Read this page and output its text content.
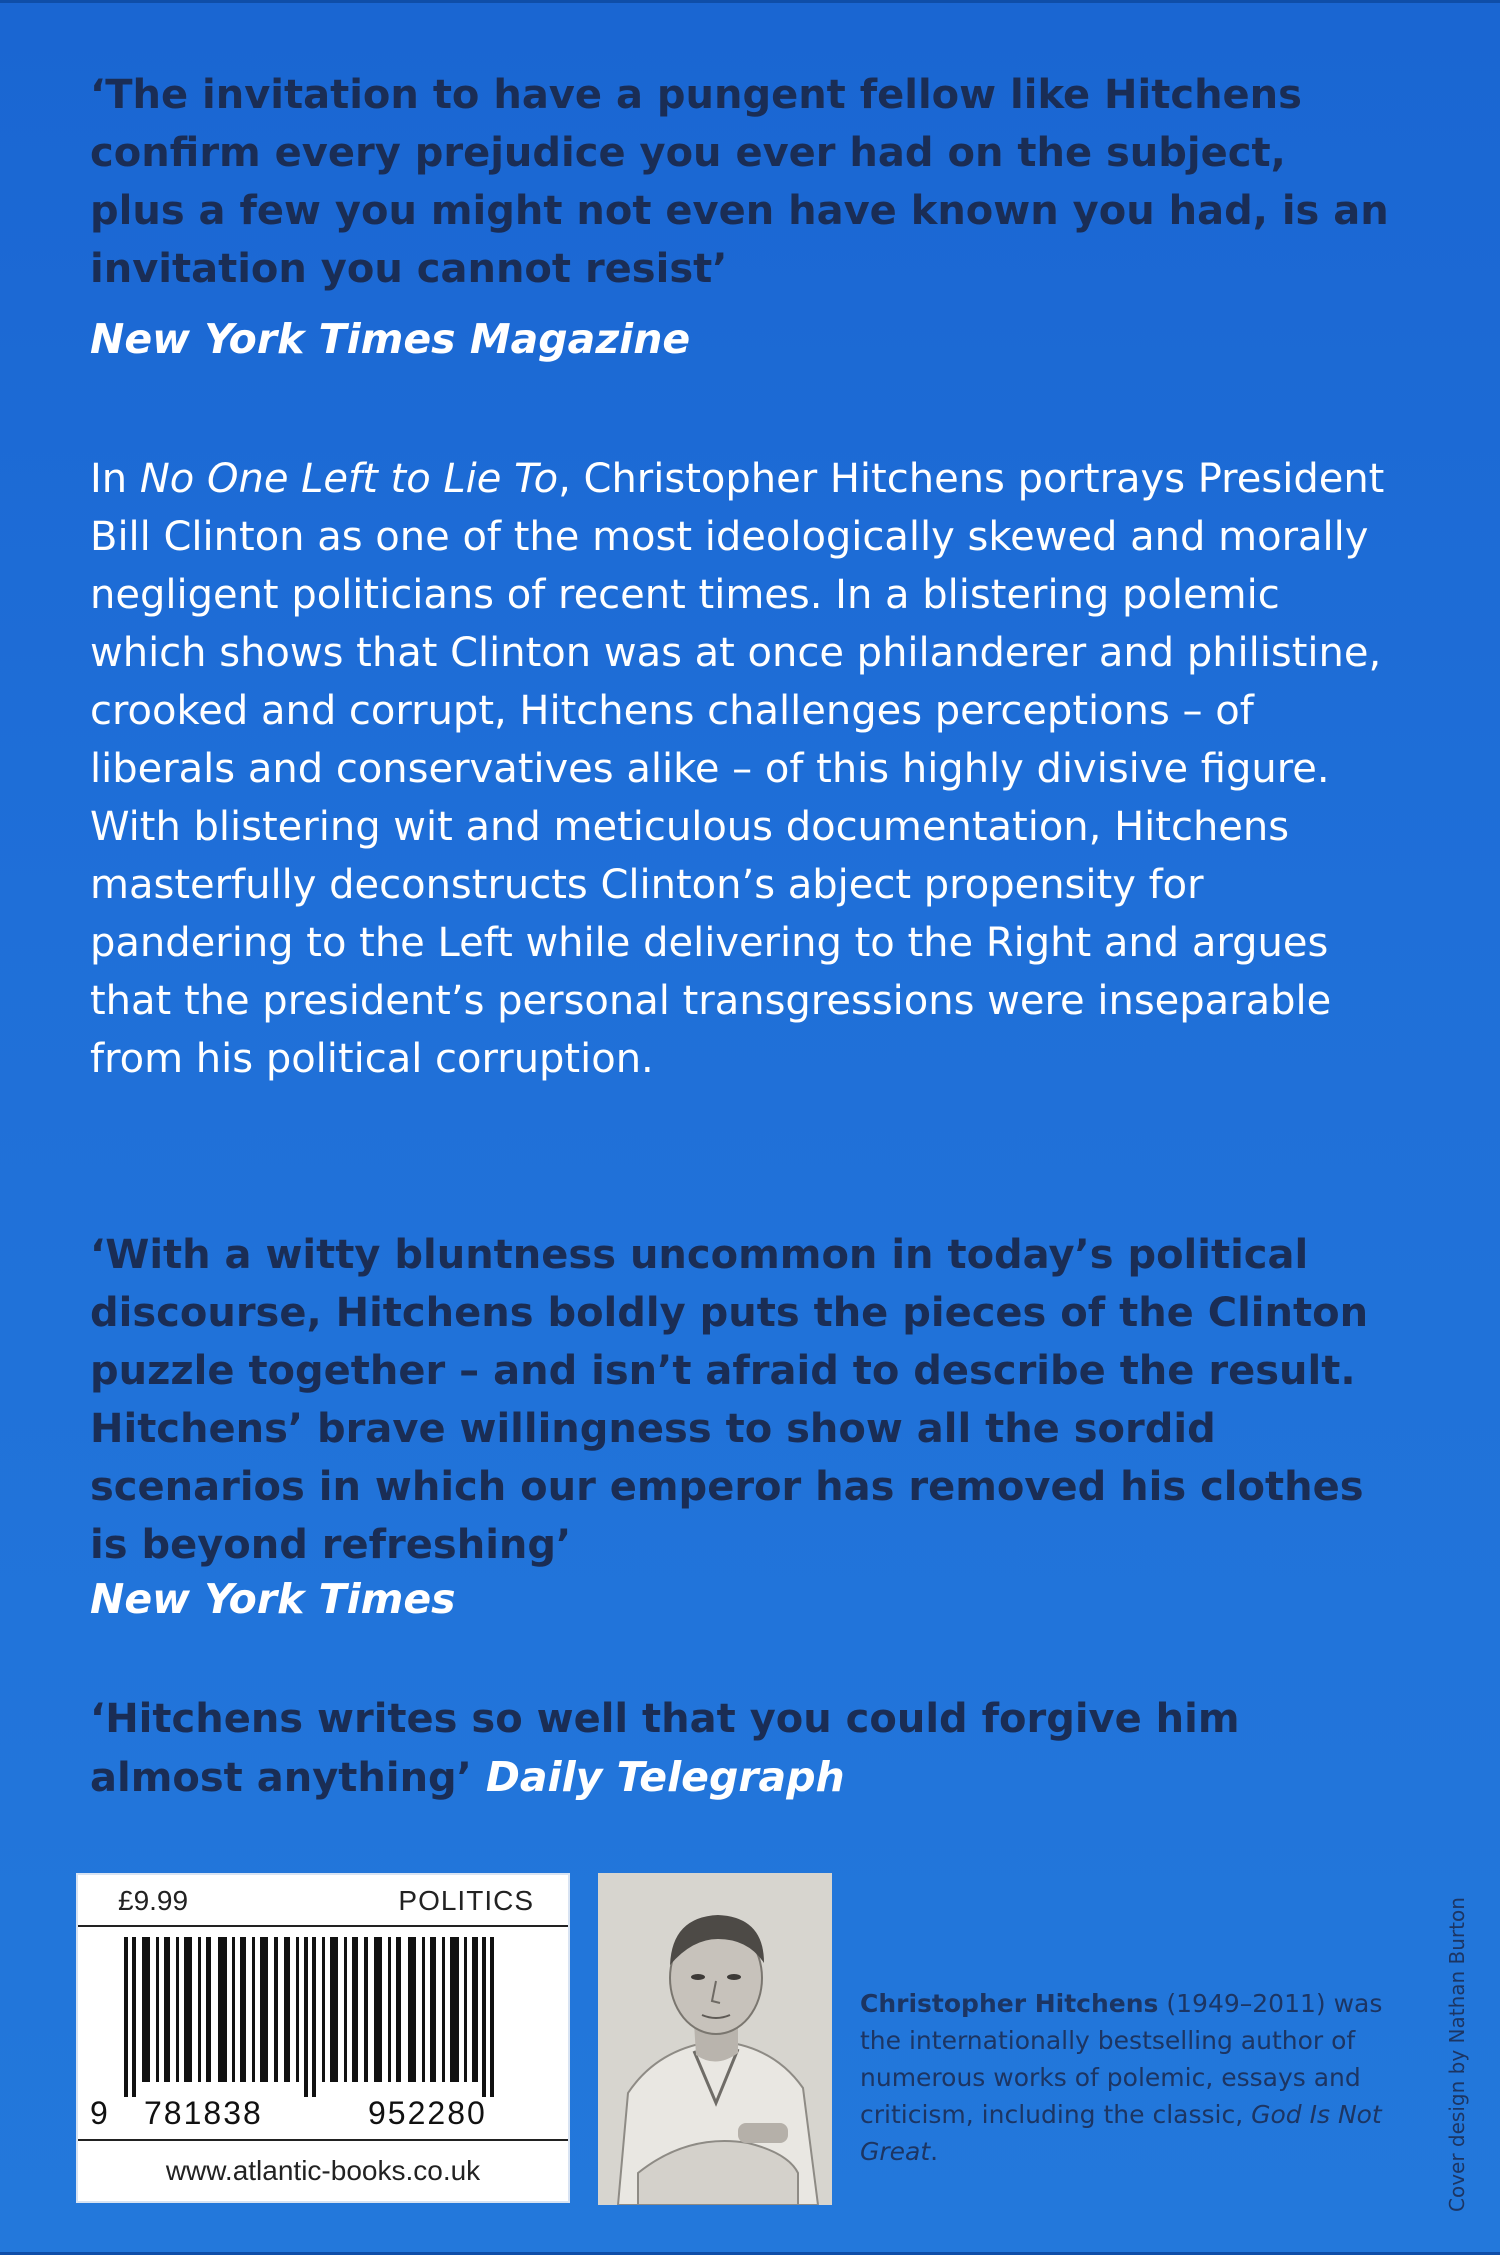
‘The invitation to have a pungent fellow like Hitchens confirm every prejudice you ever had on the subject, plus a few you might not even have known you had, is an invitation you cannot resist’
New York Times Magazine
In No One Left to Lie To, Christopher Hitchens portrays President Bill Clinton as one of the most ideologically skewed and morally negligent politicians of recent times. In a blistering polemic which shows that Clinton was at once philanderer and philistine, crooked and corrupt, Hitchens challenges perceptions – of liberals and conservatives alike – of this highly divisive figure. With blistering wit and meticulous documentation, Hitchens masterfully deconstructs Clinton’s abject propensity for pandering to the Left while delivering to the Right and argues that the president’s personal transgressions were inseparable from his political corruption.
‘With a witty bluntness uncommon in today’s political discourse, Hitchens boldly puts the pieces of the Clinton puzzle together – and isn’t afraid to describe the result. Hitchens’ brave willingness to show all the sordid scenarios in which our emperor has removed his clothes is beyond refreshing’
New York Times
‘Hitchens writes so well that you could forgive him almost anything’ Daily Telegraph
£9.99	POLITICS
9 781838	952280
www.atlantic-books.co.uk
Christopher Hitchens (1949–2011) was the internationally bestselling author of numerous works of polemic, essays and criticism, including the classic, God Is Not Great.	Cover design by Nathan Burton
